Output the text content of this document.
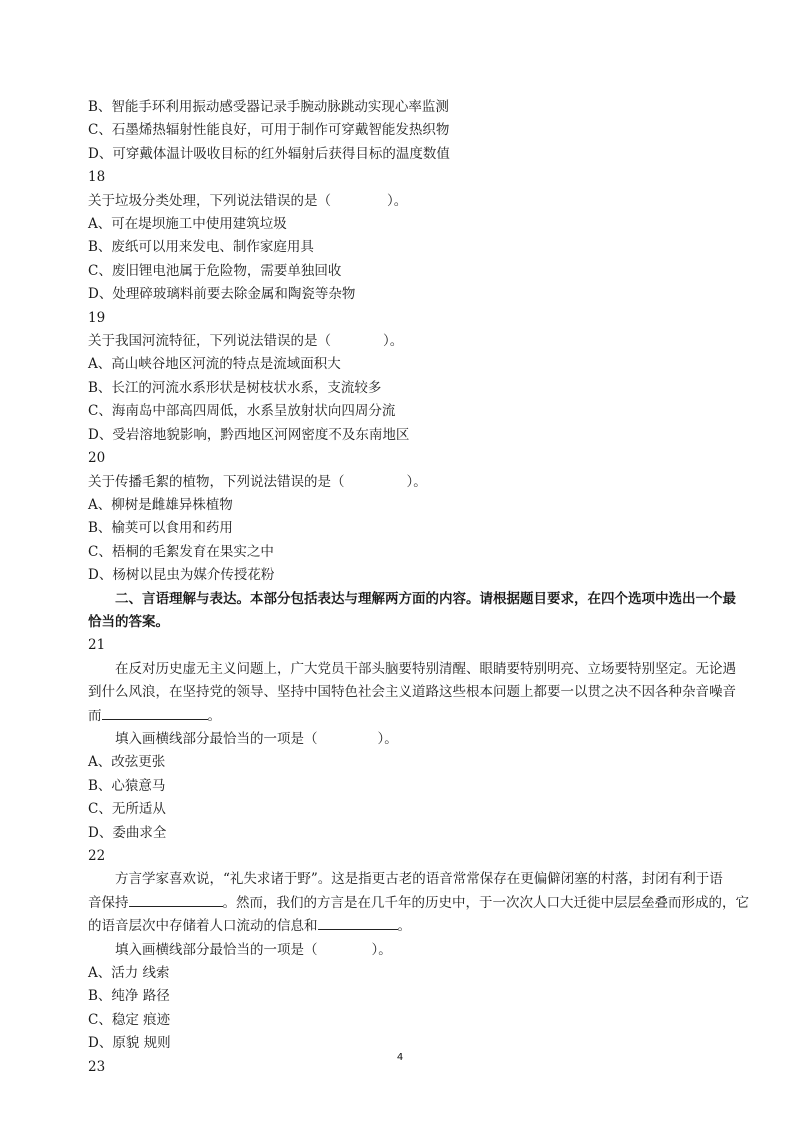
B、智能手环利用振动感受器记录手腕动脉跳动实现心率监测
C、石墨烯热辐射性能良好，可用于制作可穿戴智能发热织物
D、可穿戴体温计吸收目标的红外辐射后获得目标的温度数值
18
关于垃圾分类处理，下列说法错误的是（	）。
A、可在堤坝施工中使用建筑垃圾
B、废纸可以用来发电、制作家庭用具
C、废旧锂电池属于危险物，需要单独回收
D、处理碎玻璃料前要去除金属和陶瓷等杂物
19
关于我国河流特征，下列说法错误的是（	）。
A、高山峡谷地区河流的特点是流域面积大
B、长江的河流水系形状是树枝状水系，支流较多
C、海南岛中部高四周低，水系呈放射状向四周分流
D、受岩溶地貌影响，黔西地区河网密度不及东南地区
20
关于传播毛絮的植物，下列说法错误的是（	）。
A、柳树是雌雄异株植物
B、榆荚可以食用和药用
C、梧桐的毛絮发育在果实之中
D、杨树以昆虫为媒介传授花粉
二、言语理解与表达。本部分包括表达与理解两方面的内容。请根据题目要求，在四个选项中选出一个最恰当的答案。
21
在反对历史虚无主义问题上，广大党员干部头脑要特别清醒、眼睛要特别明亮、立场要特别坚定。无论遇
到什么风浪，在坚持党的领导、坚持中国特色社会主义道路这些根本问题上都要一以贯之决不因各种杂音噪音
而	。
填入画横线部分最恰当的一项是（	）。
A、改弦更张
B、心猿意马
C、无所适从
D、委曲求全
22
方言学家喜欢说，“礼失求诸于野”。这是指更古老的语音常常保存在更偏僻闭塞的村落，封闭有利于语
音保持	。然而，我们的方言是在几千年的历史中，于一次次人口大迁徙中层层垒叠而形成的，它
的语音层次中存储着人口流动的信息和	。
填入画横线部分最恰当的一项是（	）。
A、活力 线索
B、纯净 路径
C、稳定 痕迹
D、原貌 规则
23
4
